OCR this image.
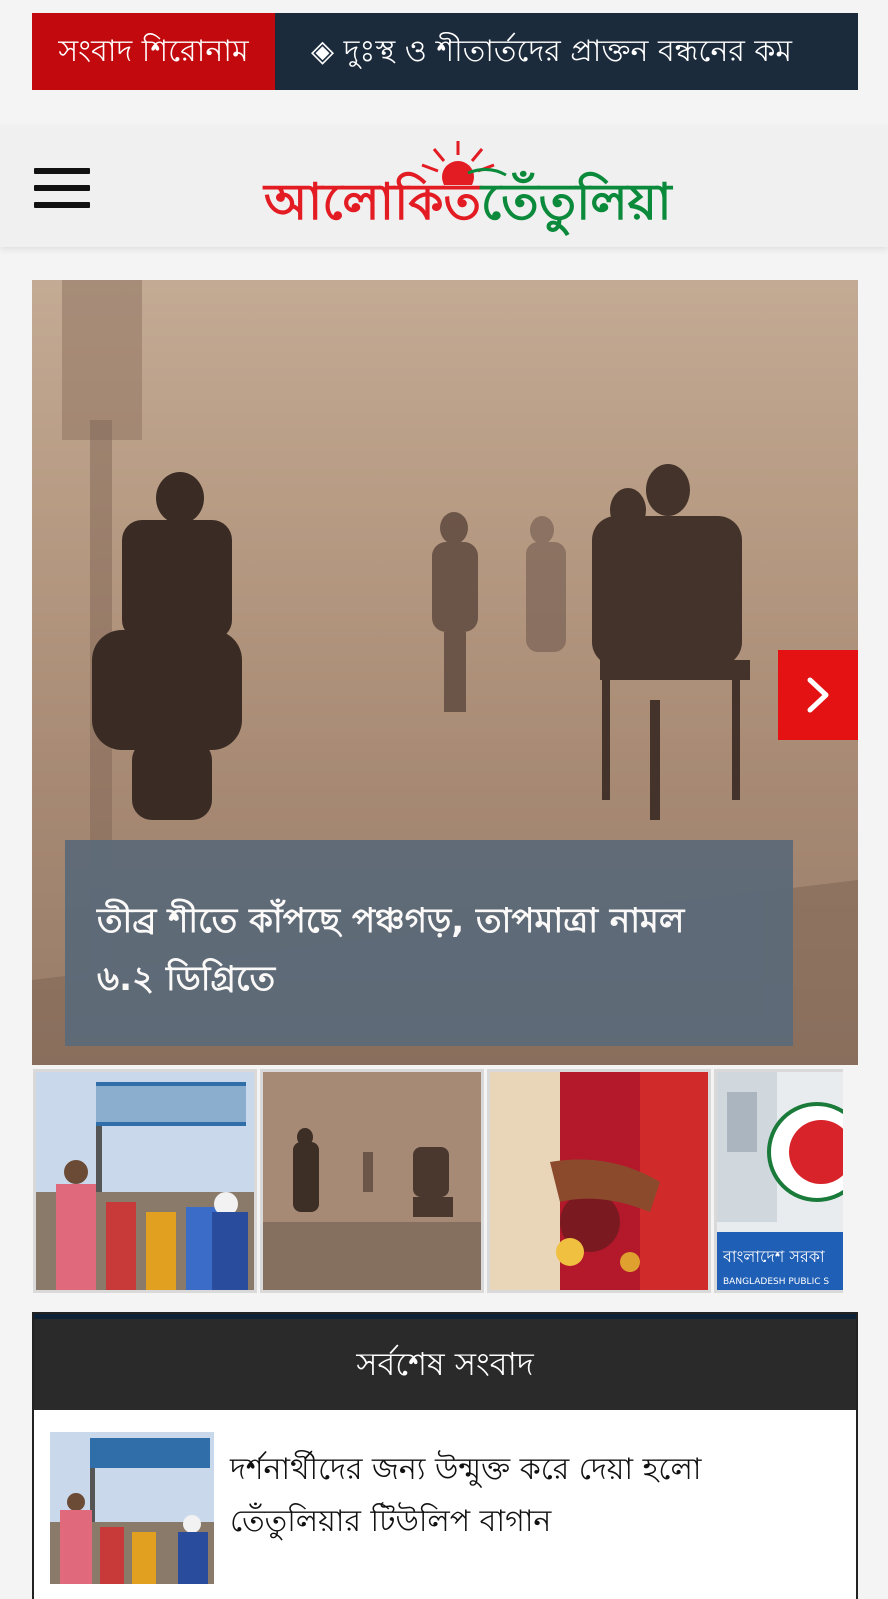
সংবাদ শিরোনাম	◈ দুঃস্থ ও শীতার্তদের প্রাক্তন বন্ধনের কম
আলোকিততেঁতুলিয়া
তীব্র শীতে কাঁপছে পঞ্চগড়, তাপমাত্রা নামল ৬.২ ডিগ্রিতে
বাংলাদেশ সরকা
BANGLADESH PUBLIC S
সর্বশেষ সংবাদ
দর্শনার্থীদের জন্য উন্মুক্ত করে দেয়া হলো তেঁতুলিয়ার টিউলিপ বাগান
